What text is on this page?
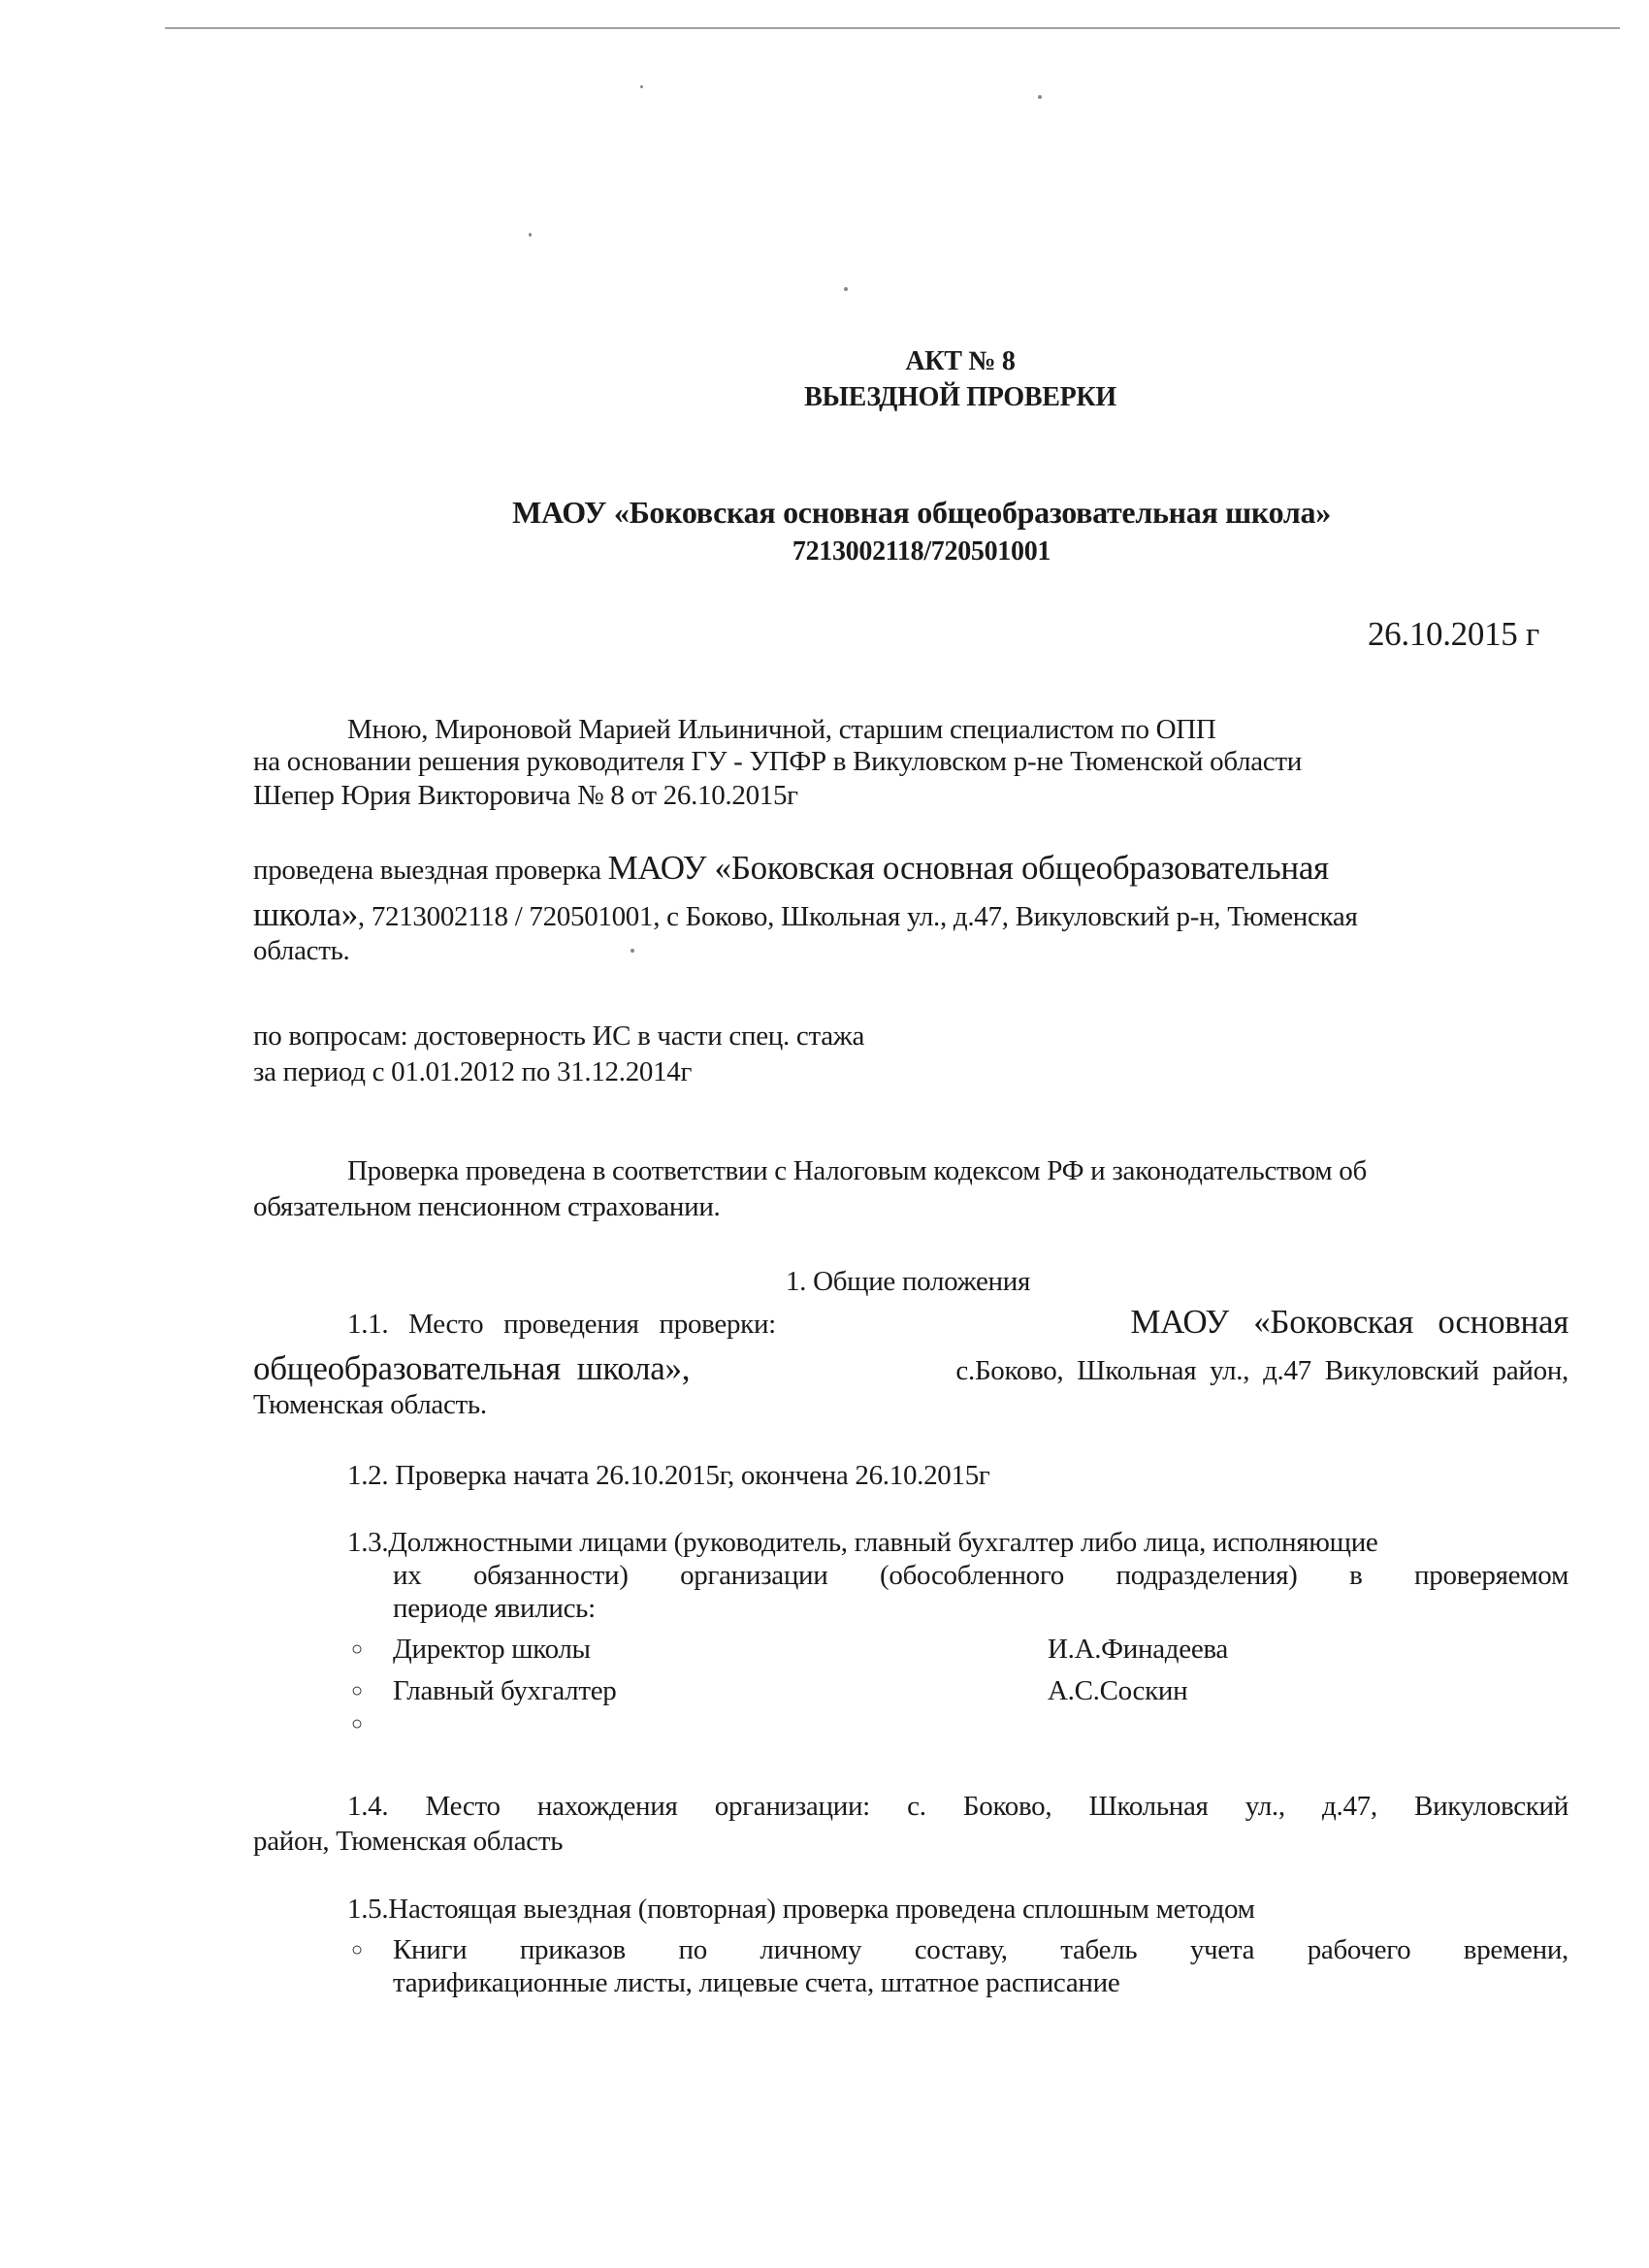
АКТ № 8
ВЫЕЗДНОЙ ПРОВЕРКИ
МАОУ «Боковская основная общеобразовательная школа»
7213002118/720501001
26.10.2015 г
Мною, Мироновой Марией Ильиничной, старшим специалистом по ОПП
на основании решения руководителя ГУ - УПФР в Викуловском р-не Тюменской области
Шепер Юрия Викторовича № 8 от 26.10.2015г
проведена выездная проверка МАОУ «Боковская основная общеобразовательная
школа», 7213002118 / 720501001, с Боково, Школьная ул., д.47, Викуловский р-н, Тюменская
область.
по вопросам: достоверность ИС в части спец. стажа
за период с 01.01.2012 по 31.12.2014г
Проверка проведена в соответствии с Налоговым кодексом РФ и законодательством об
обязательном пенсионном страховании.
1. Общие положения
1.1.   Место   проведения   проверки:	МАОУ   «Боковская   основная
общеобразовательная  школа»,	с.Боково,  Школьная  ул.,  д.47  Викуловский  район,
Тюменская область.
1.2. Проверка начата 26.10.2015г, окончена 26.10.2015г
1.3.Должностными лицами (руководитель, главный бухгалтер либо лица, исполняющие
их обязанности) организации (обособленного подразделения) в проверяемом
периоде явились:
○ Директор школы	И.А.Финадеева
○ Главный бухгалтер	А.С.Соскин
○
1.4. Место нахождения организации: с. Боково, Школьная ул., д.47, Викуловский
район, Тюменская область
1.5.Настоящая выездная (повторная) проверка проведена сплошным методом
○ Книги приказов по личному составу, табель учета рабочего времени,
тарификационные листы, лицевые счета, штатное расписание
